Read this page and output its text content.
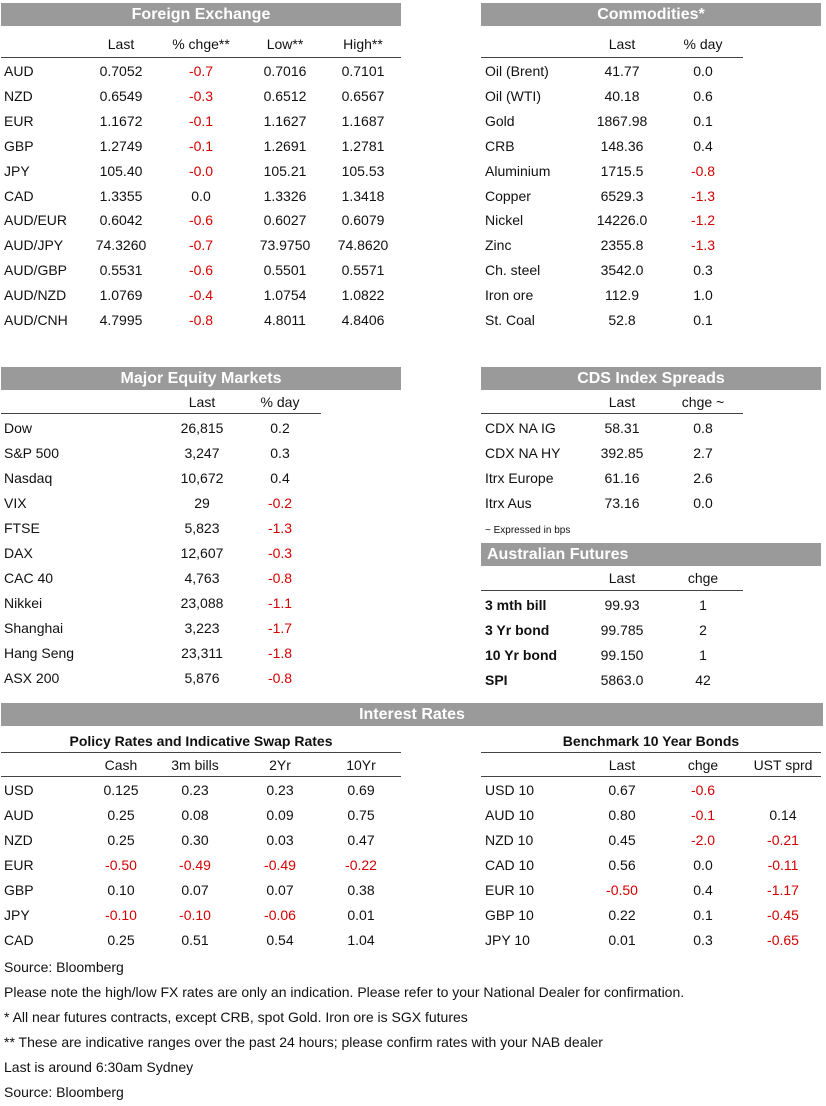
Foreign Exchange	Commodities*
Major Equity Markets	CDS Index Spreads
Australian Futures
Interest Rates
Policy Rates and Indicative Swap Rates	Benchmark 10 Year Bonds
~ Expressed in bps
Last	% chge**	Low**	High**
AUD	0.7052	-0.7	0.7016	0.7101
NZD	0.6549	-0.3	0.6512	0.6567
EUR	1.1672	-0.1	1.1627	1.1687
GBP	1.2749	-0.1	1.2691	1.2781
JPY	105.40	-0.0	105.21	105.53
CAD	1.3355	0.0	1.3326	1.3418
AUD/EUR	0.6042	-0.6	0.6027	0.6079
AUD/JPY	74.3260	-0.7	73.9750	74.8620
AUD/GBP	0.5531	-0.6	0.5501	0.5571
AUD/NZD	1.0769	-0.4	1.0754	1.0822
AUD/CNH	4.7995	-0.8	4.8011	4.8406
Last	% day
Oil (Brent)	41.77	0.0
Oil (WTI)	40.18	0.6
Gold	1867.98	0.1
CRB	148.36	0.4
Aluminium	1715.5	-0.8
Copper	6529.3	-1.3
Nickel	14226.0	-1.2
Zinc	2355.8	-1.3
Ch. steel	3542.0	0.3
Iron ore	112.9	1.0
St. Coal	52.8	0.1
Last	% day
Dow	26,815	0.2
S&P 500	3,247	0.3
Nasdaq	10,672	0.4
VIX	29	-0.2
FTSE	5,823	-1.3
DAX	12,607	-0.3
CAC 40	4,763	-0.8
Nikkei	23,088	-1.1
Shanghai	3,223	-1.7
Hang Seng	23,311	-1.8
ASX 200	5,876	-0.8
Last	chge ~
CDX NA IG	58.31	0.8
CDX NA HY	392.85	2.7
Itrx Europe	61.16	2.6
Itrx Aus	73.16	0.0
Last	chge
3 mth bill	99.93	1
3 Yr bond	99.785	2
10 Yr bond	99.150	1
SPI	5863.0	42
Cash	3m bills	2Yr	10Yr
USD	0.125	0.23	0.23	0.69
AUD	0.25	0.08	0.09	0.75
NZD	0.25	0.30	0.03	0.47
EUR	-0.50	-0.49	-0.49	-0.22
GBP	0.10	0.07	0.07	0.38
JPY	-0.10	-0.10	-0.06	0.01
CAD	0.25	0.51	0.54	1.04
Last	chge	UST sprd
USD 10	0.67	-0.6
AUD 10	0.80	-0.1	0.14
NZD 10	0.45	-2.0	-0.21
CAD 10	0.56	0.0	-0.11
EUR 10	-0.50	0.4	-1.17
GBP 10	0.22	0.1	-0.45
JPY 10	0.01	0.3	-0.65
Source: Bloomberg
Please note the high/low FX rates are only an indication. Please refer to your National Dealer for confirmation.
* All near futures contracts, except CRB, spot Gold. Iron ore is SGX futures
** These are indicative ranges over the past 24 hours; please confirm rates with your NAB dealer
Last is around 6:30am Sydney
Source: Bloomberg
